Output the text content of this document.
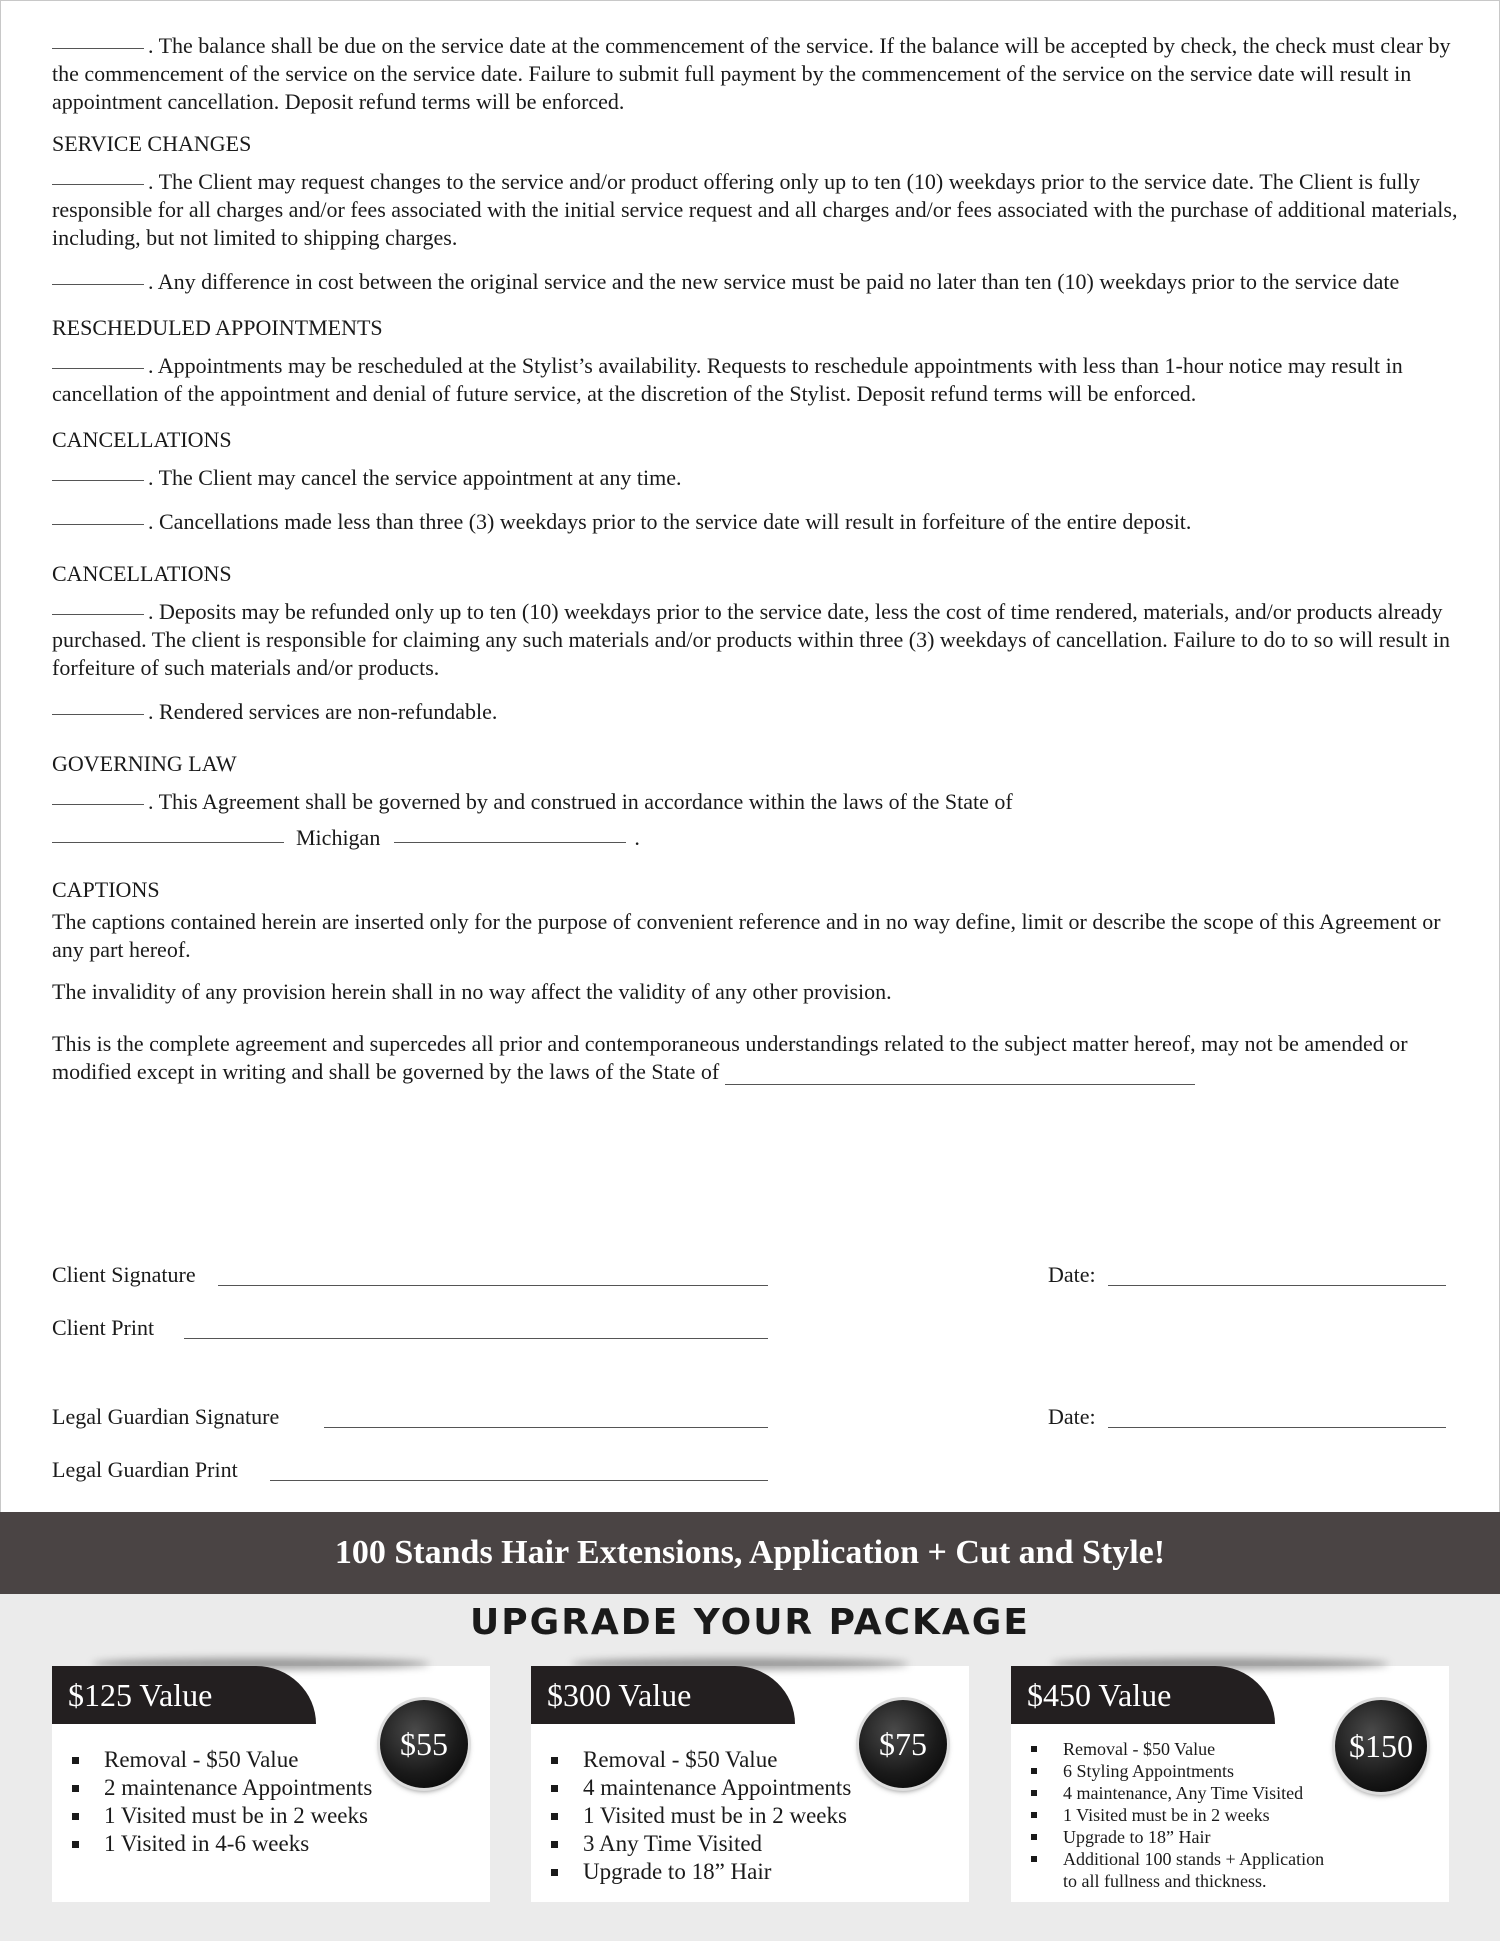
. The balance shall be due on the service date at the commencement of the service. If the balance will be accepted by check, the check must clear by the commencement of the service on the service date. Failure to submit full payment by the commencement of the service on the service date will result in appointment cancellation. Deposit refund terms will be enforced.

SERVICE CHANGES

. The Client may request changes to the service and/or product offering only up to ten (10) weekdays prior to the service date. The Client is fully responsible for all charges and/or fees associated with the initial service request and all charges and/or fees associated with the purchase of additional materials, including, but not limited to shipping charges.

. Any difference in cost between the original service and the new service must be paid no later than ten (10) weekdays prior to the service date

RESCHEDULED APPOINTMENTS

. Appointments may be rescheduled at the Stylist’s availability. Requests to reschedule appointments with less than 1-hour notice may result in cancellation of the appointment and denial of future service, at the discretion of the Stylist. Deposit refund terms will be enforced.

CANCELLATIONS

. The Client may cancel the service appointment at any time.

. Cancellations made less than three (3) weekdays prior to the service date will result in forfeiture of the entire deposit.

CANCELLATIONS

. Deposits may be refunded only up to ten (10) weekdays prior to the service date, less the cost of time rendered, materials, and/or products already purchased. The client is responsible for claiming any such materials and/or products within three (3) weekdays of cancellation. Failure to do to so will result in forfeiture of such materials and/or products.

. Rendered services are non-refundable.

GOVERNING LAW

. This Agreement shall be governed by and construed in accordance within the laws of the State of

Michigan	.

CAPTIONS

The captions contained herein are inserted only for the purpose of convenient reference and in no way define, limit or describe the scope of this Agreement or any part hereof.

The invalidity of any provision herein shall in no way affect the validity of any other provision.

This is the complete agreement and supercedes all prior and contemporaneous understandings related to the subject matter hereof, may not be amended or modified except in writing and shall be governed by the laws of the State of

Client Signature	Date:
Client Print
Legal Guardian Signature	Date:
Legal Guardian Print
100 Stands Hair Extensions, Application + Cut and Style!
UPGRADE YOUR PACKAGE
$125 Value
$55
Removal - $50 Value
2 maintenance Appointments
1 Visited must be in 2 weeks
1 Visited in 4-6 weeks
$300 Value
$75
Removal - $50 Value
4 maintenance Appointments
1 Visited must be in 2 weeks
3 Any Time Visited
Upgrade to 18” Hair
$450 Value
$150
Removal - $50 Value
6 Styling Appointments
4 maintenance, Any Time Visited
1 Visited must be in 2 weeks
Upgrade to 18” Hair
Additional 100 stands + Application to all fullness and thickness.
